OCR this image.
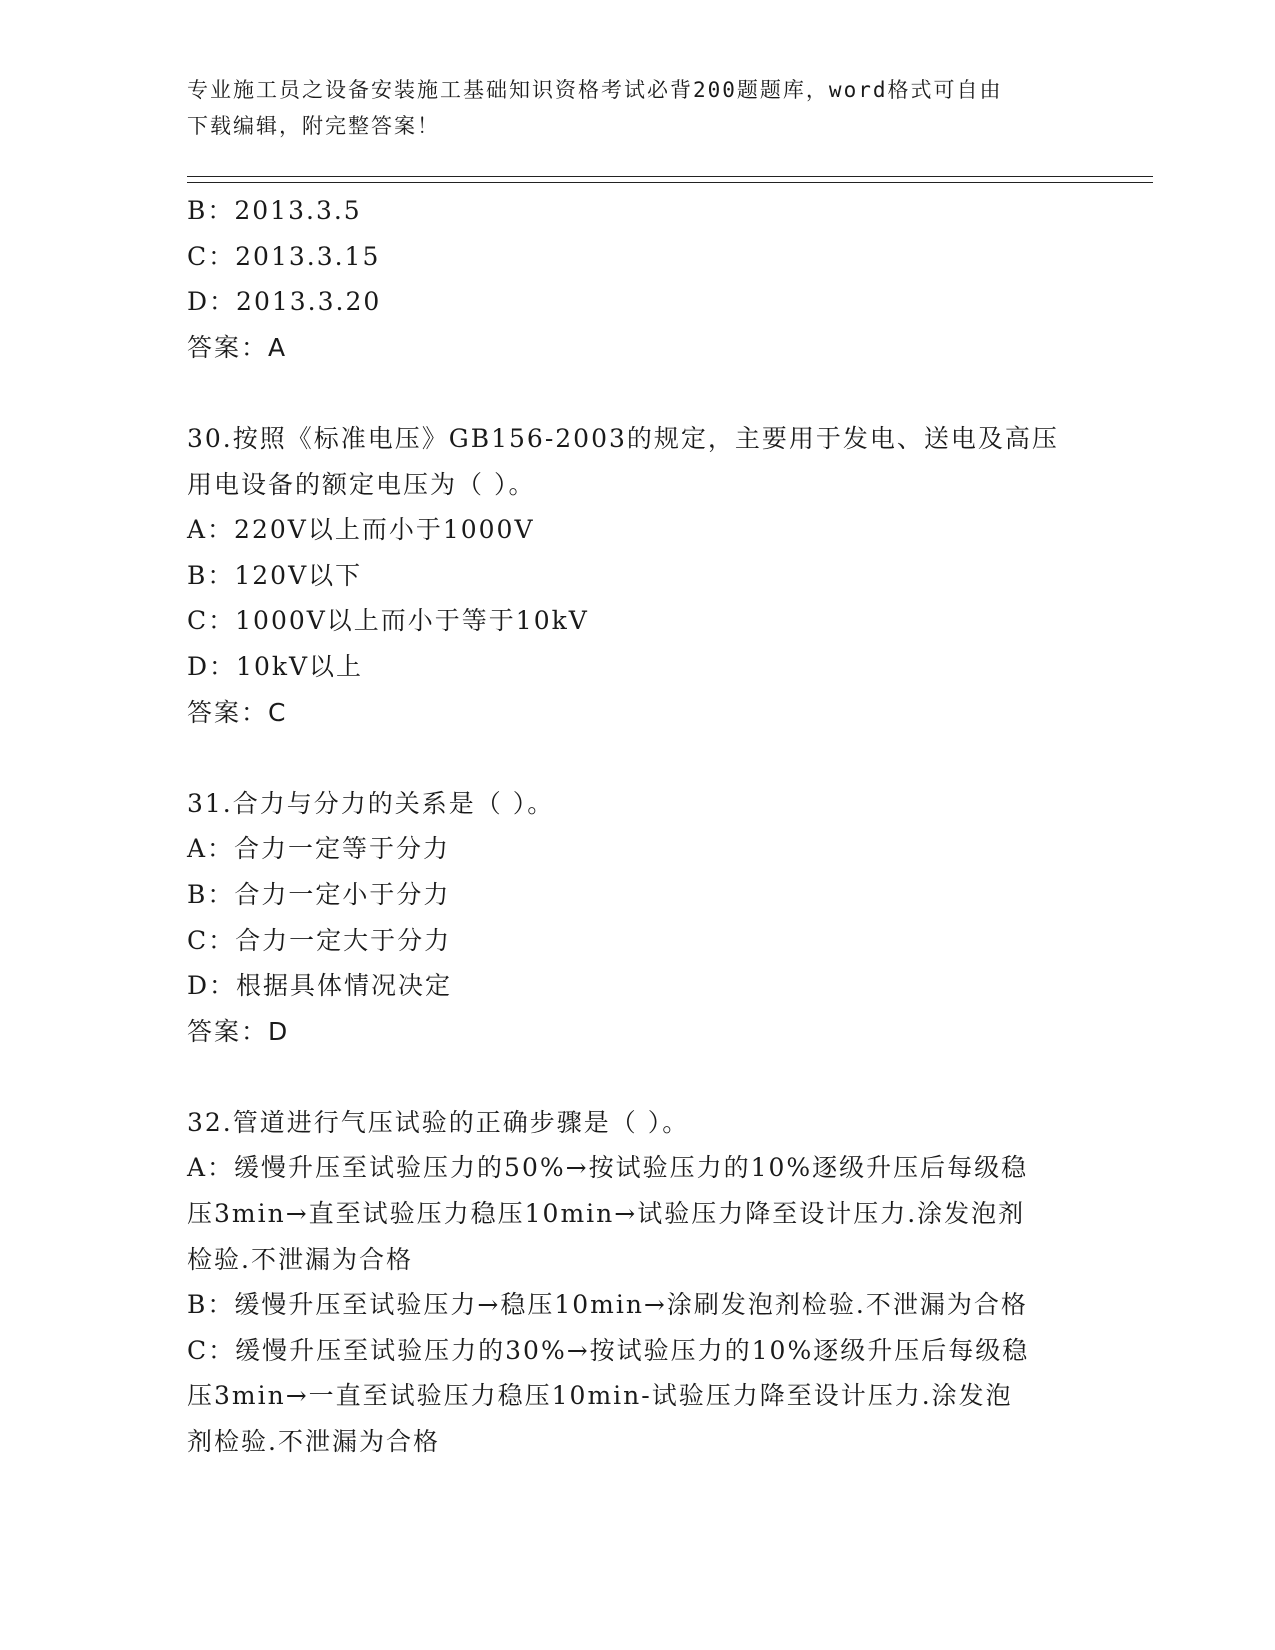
专业施工员之设备安装施工基础知识资格考试必背200题题库，word格式可自由
下载编辑，附完整答案！
B：2013.3.5
C：2013.3.15
D：2013.3.20
答案：A
30.按照《标准电压》GB156-2003的规定，主要用于发电、送电及高压
用电设备的额定电压为（ ）。
A：220V以上而小于1000V
B：120V以下
C：1000V以上而小于等于10kV
D：10kV以上
答案：C
31.合力与分力的关系是（ ）。
A：合力一定等于分力
B：合力一定小于分力
C：合力一定大于分力
D：根据具体情况决定
答案：D
32.管道进行气压试验的正确步骤是（ ）。
A：缓慢升压至试验压力的50%→按试验压力的10%逐级升压后每级稳
压3min→直至试验压力稳压10min→试验压力降至设计压力.涂发泡剂
检验.不泄漏为合格
B：缓慢升压至试验压力→稳压10min→涂刷发泡剂检验.不泄漏为合格
C：缓慢升压至试验压力的30%→按试验压力的10%逐级升压后每级稳
压3min→一直至试验压力稳压10min-试验压力降至设计压力.涂发泡
剂检验.不泄漏为合格
